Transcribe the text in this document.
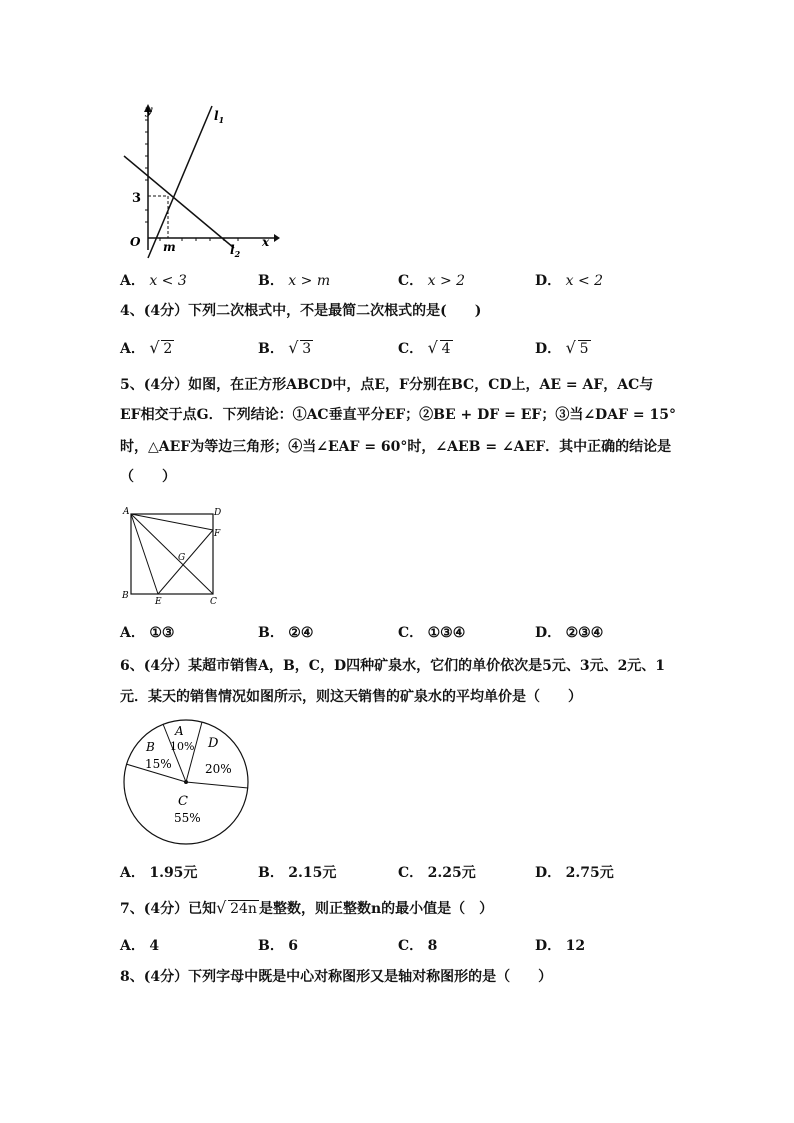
$l_1$
$l_2$
y
x
O
3
m
A． x < 3	B． x > m	C． x > 2	D． x < 2
4、(4分）下列二次根式中，不是最简二次根式的是(　　)
A． √ 2	B． √ 3	C． √ 4	D． √ 5
5、(4分）如图，在正方形ABCD中，点E，F分别在BC，CD上，AE = AF，AC与
EF相交于点G．下列结论：①AC垂直平分EF；②BE + DF = EF；③当∠DAF = 15°
时，△AEF为等边三角形；④当∠EAF = 60°时，∠AEB = ∠AEF．其中正确的结论是
（　　）
A	D
B
C
E
F
G
A． ①③	B． ②④	C． ①③④	D． ②③④
6、(4分）某超市销售A，B，C，D四种矿泉水，它们的单价依次是5元、3元、2元、1
元．某天的销售情况如图所示，则这天销售的矿泉水的平均单价是（　　）
A
10%
B
15%
D
20%
C
55%
A． 1.95元	B． 2.15元	C． 2.25元	D． 2.75元
7、(4分）已知 √ 24n 是整数，则正整数n的最小值是（　）
A． 4	B． 6	C． 8	D． 12
8、(4分）下列字母中既是中心对称图形又是轴对称图形的是（　　）
